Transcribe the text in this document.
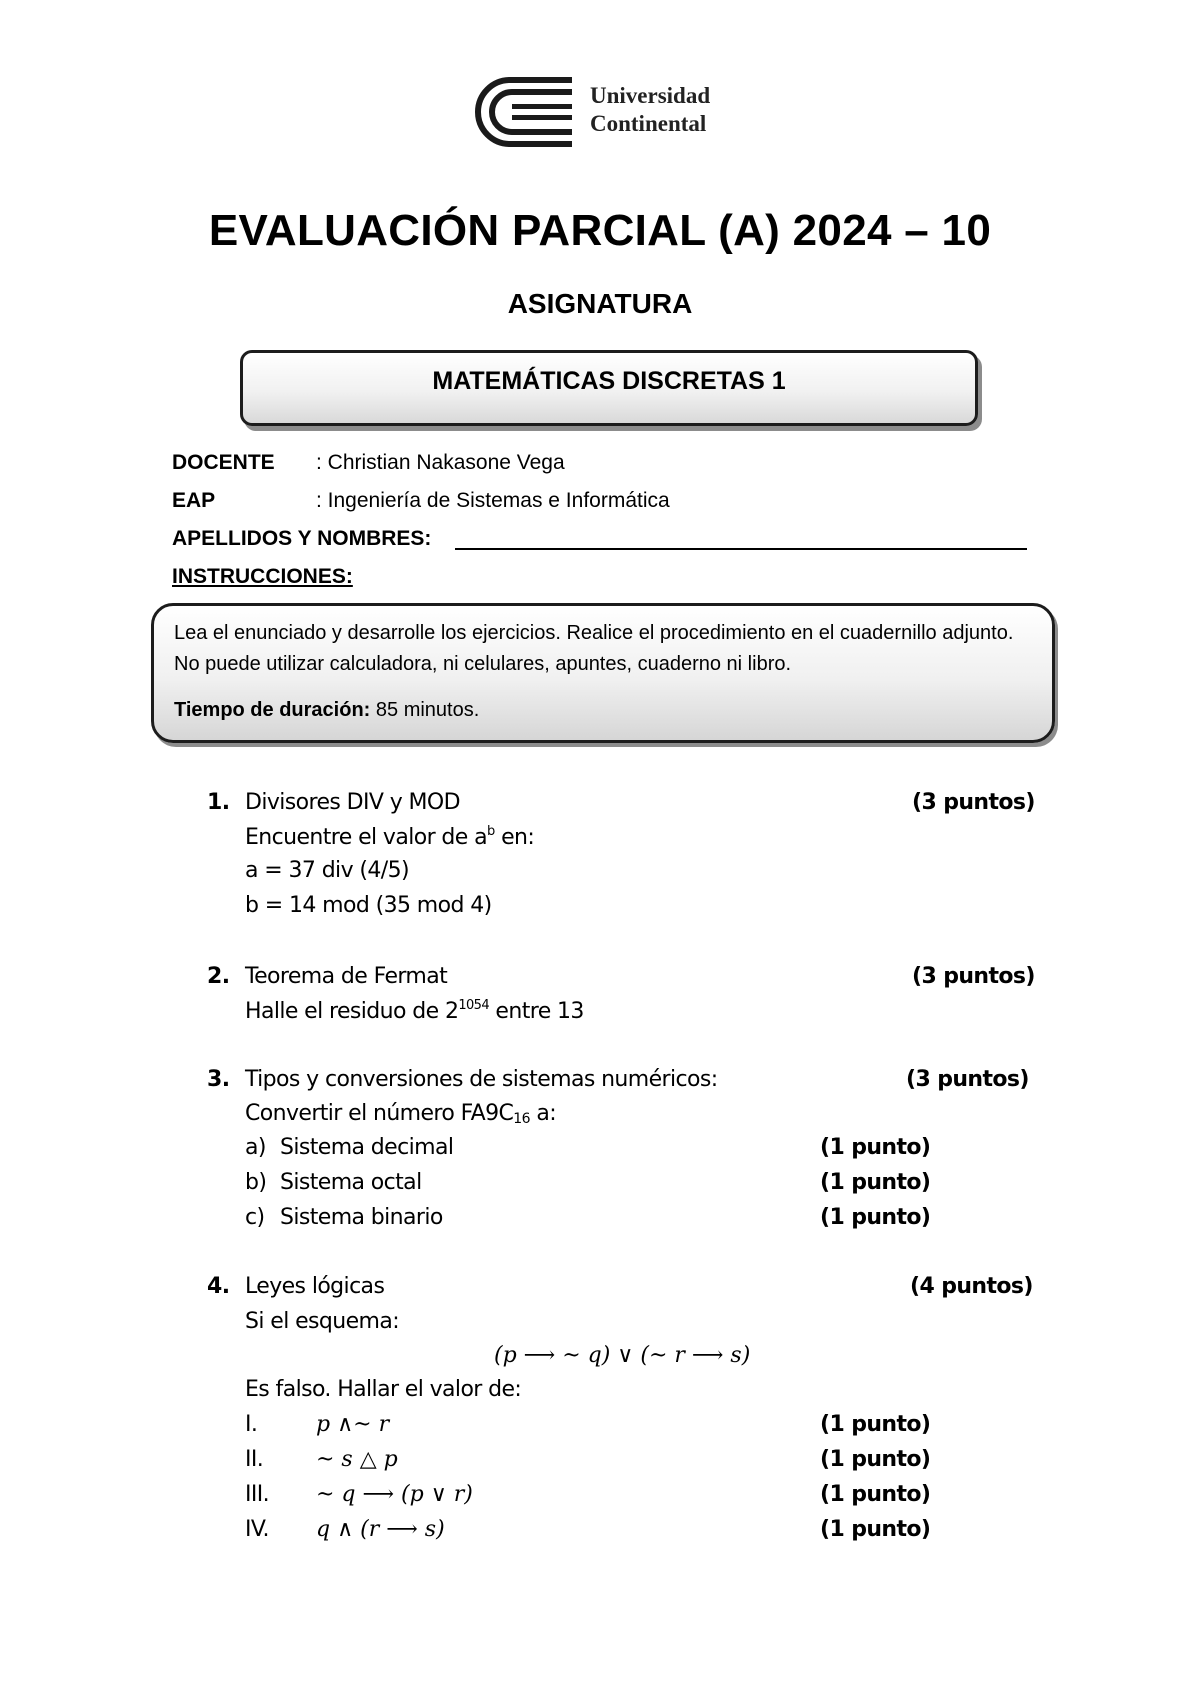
Universidad
Continental
EVALUACIÓN PARCIAL (A) 2024 – 10
ASIGNATURA
MATEMÁTICAS DISCRETAS 1
DOCENTE : Christian Nakasone Vega
EAP	: Ingeniería de Sistemas e Informática
APELLIDOS Y NOMBRES:
INSTRUCCIONES:
Lea el enunciado y desarrolle los ejercicios. Realice el procedimiento en el cuadernillo adjunto. No puede utilizar calculadora, ni celulares, apuntes, cuaderno ni libro.
Tiempo de duración: 85 minutos.
1. Divisores DIV y MOD	(3 puntos)
Encuentre el valor de $a^b$ en:
a = 37 div (4/5)
b = 14 mod (35 mod 4)
2. Teorema de Fermat	(3 puntos)
Halle el residuo de $2^{1054}$ entre 13
3. Tipos y conversiones de sistemas numéricos:	(3 puntos)
Convertir el número $FA9C_{16}$ a:
a) Sistema decimal	(1 punto)
b) Sistema octal	(1 punto)
c) Sistema binario	(1 punto)
4. Leyes lógicas	(4 puntos)
Si el esquema:
(p ⟶ ~ q) ∨ (~ r ⟶ s)
Es falso. Hallar el valor de:
I.	p ∧~ r	(1 punto)
II. ~ s △ p	(1 punto)
III. ~ q ⟶ (p ∨ r)	(1 punto)
IV. q ∧ (r ⟶ s)	(1 punto)
